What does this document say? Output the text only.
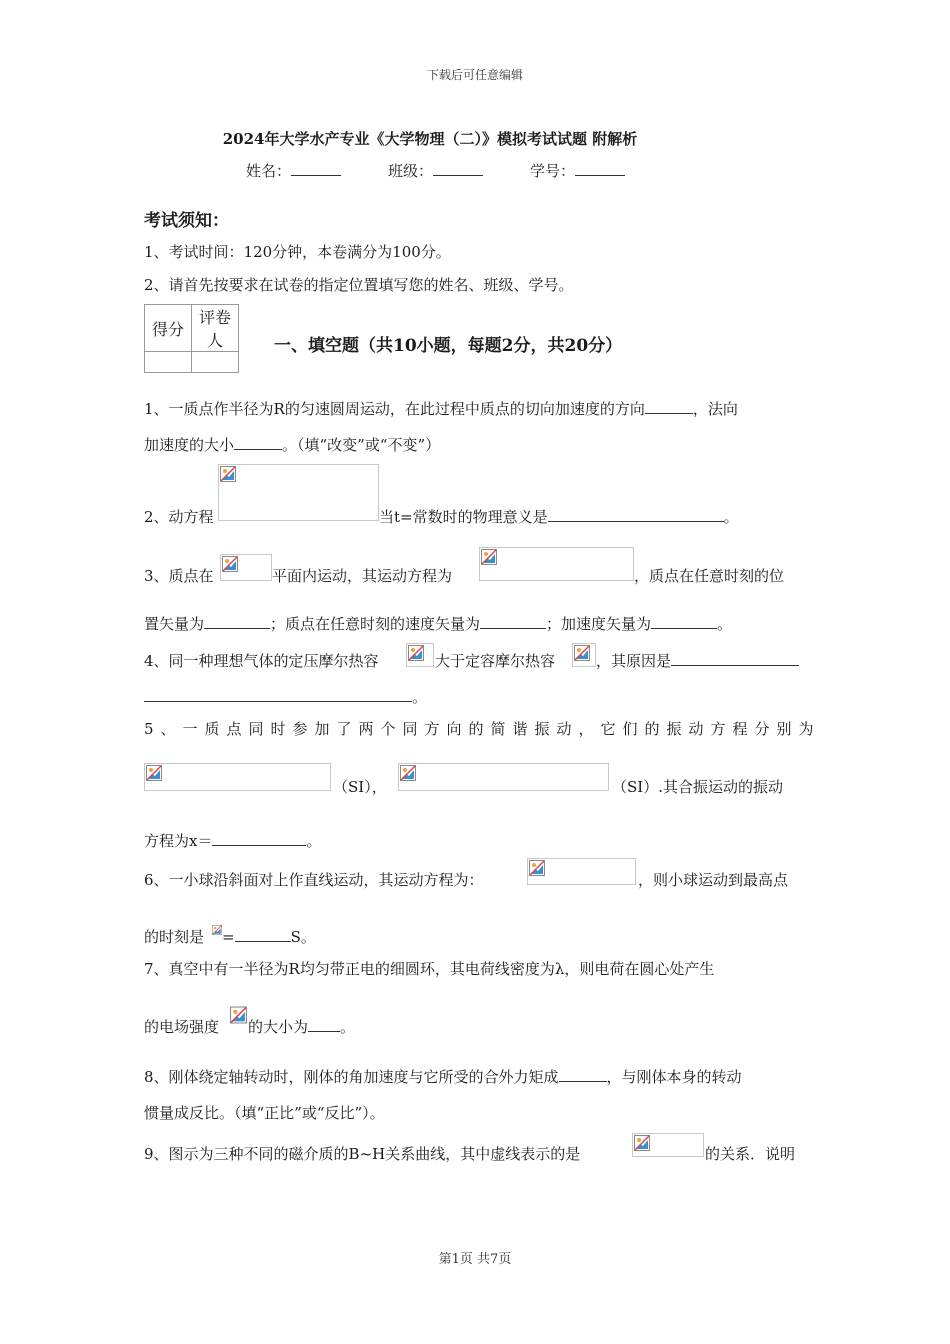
下载后可任意编辑
2024年大学水产专业《大学物理（二）》模拟考试试题 附解析
姓名：	班级：	学号：
考试须知：
1、考试时间：120分钟，本卷满分为100分。
2、请首先按要求在试卷的指定位置填写您的姓名、班级、学号。
得分	评卷人
		一、填空题（共10小题，每题2分，共20分）
1、一质点作半径为R的匀速圆周运动，在此过程中质点的切向加速度的方向	，法向
加速度的大小	。（填“改变”或“不变”）
2、动方程	当t=常数时的物理意义是	。
3、质点在	平面内运动，其运动方程为	，质点在任意时刻的位
置矢量为	；质点在任意时刻的速度矢量为	；加速度矢量为	。
4、同一种理想气体的定压摩尔热容	大于定容摩尔热容	，其原因是
。
5、一质点同时参加了两个同方向的简谐振动，它们的振动方程分别为
（SI），	（SI）.其合振运动的振动
方程为x＝	。
6、一小球沿斜面对上作直线运动，其运动方程为：	，则小球运动到最高点
的时刻是 =	S。
7、真空中有一半径为R均匀带正电的细圆环，其电荷线密度为λ，则电荷在圆心处产生
的电场强度 的大小为 。
8、刚体绕定轴转动时，刚体的角加速度与它所受的合外力矩成	，与刚体本身的转动
惯量成反比。（填“正比”或“反比”）。
9、图示为三种不同的磁介质的B~H关系曲线，其中虚线表示的是	的关系．说明
第1页 共7页
